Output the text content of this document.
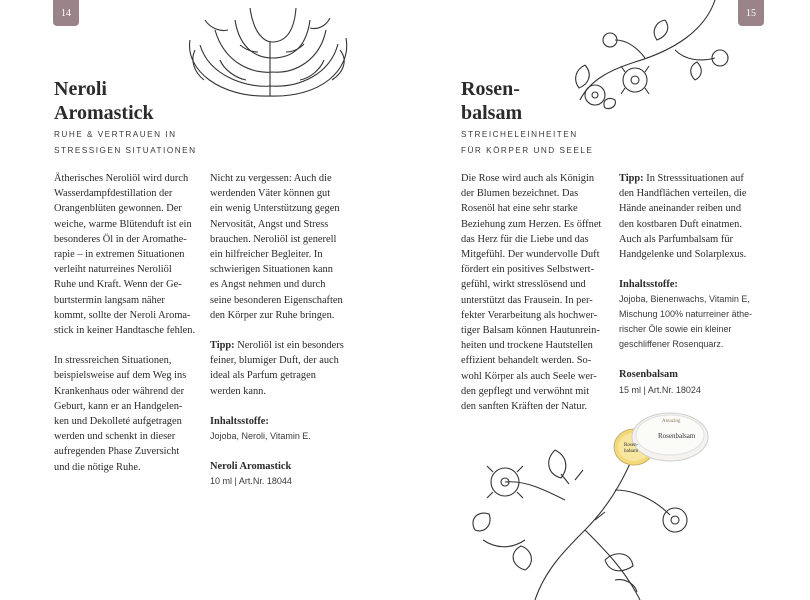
14	15
Amazing
Rosenbalsam
Rosen-
balsam
Neroli
Aromastick
RUHE & VERTRAUEN IN
STRESSIGEN SITUATIONEN

Ätherisches Neroliöl wird durch
Wasserdampfdestillation der
Orangenblüten gewonnen. Der
weiche, warme Blütenduft ist ein
besonderes Öl in der Aromathe-
rapie – in extremen Situationen
verleiht naturreines Neroliöl
Ruhe und Kraft. Wenn der Ge-
burtstermin langsam näher
kommt, sollte der Neroli Aroma-
stick in keiner Handtasche fehlen.

In stressreichen Situationen,
beispielsweise auf dem Weg ins
Krankenhaus oder während der
Geburt, kann er an Handgelen-
ken und Dekolleté aufgetragen
werden und schenkt in dieser
aufregenden Phase Zuversicht
und die nötige Ruhe.

Nicht zu vergessen: Auch die
werdenden Väter können gut
ein wenig Unterstützung gegen
Nervosität, Angst und Stress
brauchen. Neroliöl ist generell
ein hilfreicher Begleiter. In
schwierigen Situationen kann
es Angst nehmen und durch
seine besonderen Eigenschaften
den Körper zur Ruhe bringen.

Tipp: Neroliöl ist ein besonders
feiner, blumiger Duft, der auch
ideal als Parfum getragen
werden kann.

Inhaltsstoffe:
Jojoba, Neroli, Vitamin E.
Neroli Aromastick
10 ml | Art.Nr. 18044
Rosen-
balsam
STREICHELEINHEITEN
FÜR KÖRPER UND SEELE

Die Rose wird auch als Königin
der Blumen bezeichnet. Das
Rosenöl hat eine sehr starke
Beziehung zum Herzen. Es öffnet
das Herz für die Liebe und das
Mitgefühl. Der wundervolle Duft
fördert ein positives Selbstwert-
gefühl, wirkt stresslösend und
unterstützt das Frausein. In per-
fekter Verarbeitung als hochwer-
tiger Balsam können Hautunrein-
heiten und trockene Hautstellen
effizient behandelt werden. So-
wohl Körper als auch Seele wer-
den gepflegt und verwöhnt mit
den sanften Kräften der Natur.

Tipp: In Stresssituationen auf
den Handflächen verteilen, die
Hände aneinander reiben und
den kostbaren Duft einatmen.
Auch als Parfumbalsam für
Handgelenke und Solarplexus.

Inhaltsstoffe:
Jojoba, Bienenwachs, Vitamin E,
Mischung 100% naturreiner äthe-
rischer Öle sowie ein kleiner
geschliffener Rosenquarz.
Rosenbalsam
15 ml | Art.Nr. 18024
